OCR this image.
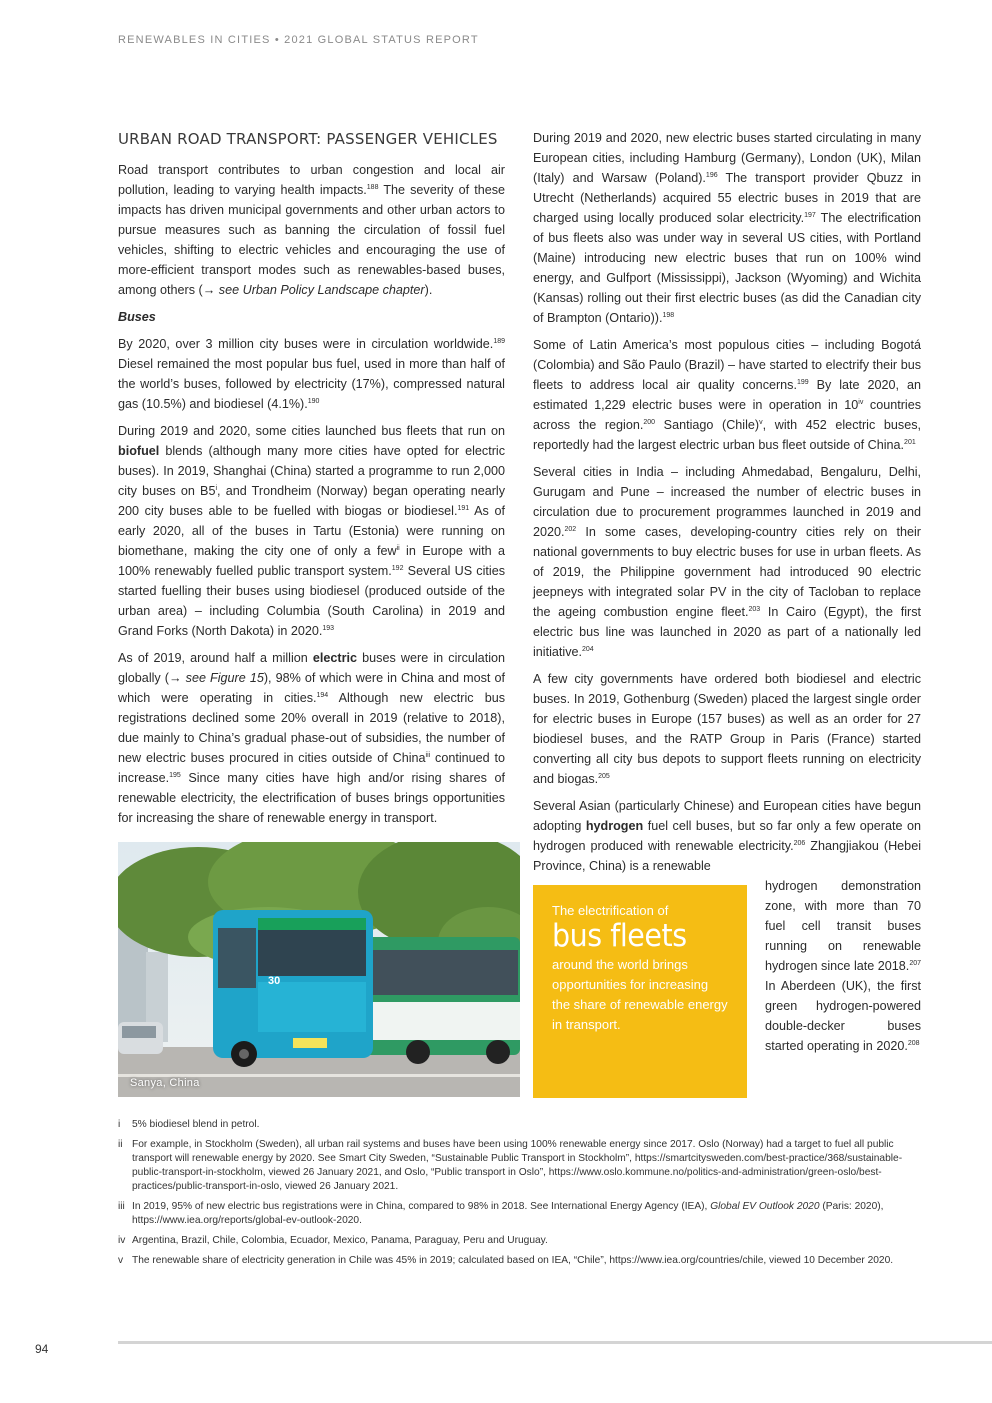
RENEWABLES IN CITIES • 2021 GLOBAL STATUS REPORT
URBAN ROAD TRANSPORT: PASSENGER VEHICLES

Road transport contributes to urban congestion and local air pollution, leading to varying health impacts.$^{188}$ The severity of these impacts has driven municipal governments and other urban actors to pursue measures such as banning the circulation of fossil fuel vehicles, shifting to electric vehicles and encouraging the use of more-efficient transport modes such as renewables-based buses, among others (→ see Urban Policy Landscape chapter).

Buses

By 2020, over 3 million city buses were in circulation worldwide.$^{189}$ Diesel remained the most popular bus fuel, used in more than half of the world’s buses, followed by electricity (17%), compressed natural gas (10.5%) and biodiesel (4.1%).$^{190}$

During 2019 and 2020, some cities launched bus fleets that run on biofuel blends (although many more cities have opted for electric buses). In 2019, Shanghai (China) started a programme to run 2,000 city buses on B5$^i$, and Trondheim (Norway) began operating nearly 200 city buses able to be fuelled with biogas or biodiesel.$^{191}$ As of early 2020, all of the buses in Tartu (Estonia) were running on biomethane, making the city one of only a few$^{ii}$ in Europe with a 100% renewably fuelled public transport system.$^{192}$ Several US cities started fuelling their buses using biodiesel (produced outside of the urban area) – including Columbia (South Carolina) in 2019 and Grand Forks (North Dakota) in 2020.$^{193}$

As of 2019, around half a million electric buses were in circulation globally (→ see Figure 15), 98% of which were in China and most of which were operating in cities.$^{194}$ Although new electric bus registrations declined some 20% overall in 2019 (relative to 2018), due mainly to China’s gradual phase-out of subsidies, the number of new electric buses procured in cities outside of China$^{iii}$ continued to increase.$^{195}$ Since many cities have high and/or rising shares of renewable electricity, the electrification of buses brings opportunities for increasing the share of renewable energy in transport.

30
Sanya, China

During 2019 and 2020, new electric buses started circulating in many European cities, including Hamburg (Germany), London (UK), Milan (Italy) and Warsaw (Poland).$^{196}$ The transport provider Qbuzz in Utrecht (Netherlands) acquired 55 electric buses in 2019 that are charged using locally produced solar electricity.$^{197}$ The electrification of bus fleets also was under way in several US cities, with Portland (Maine) introducing new electric buses that run on 100% wind energy, and Gulfport (Mississippi), Jackson (Wyoming) and Wichita (Kansas) rolling out their first electric buses (as did the Canadian city of Brampton (Ontario)).$^{198}$

Some of Latin America’s most populous cities – including Bogotá (Colombia) and São Paulo (Brazil) – have started to electrify their bus fleets to address local air quality concerns.$^{199}$ By late 2020, an estimated 1,229 electric buses were in operation in 10$^{iv}$ countries across the region.$^{200}$ Santiago (Chile)$^v$, with 452 electric buses, reportedly had the largest electric urban bus fleet outside of China.$^{201}$

Several cities in India – including Ahmedabad, Bengaluru, Delhi, Gurugam and Pune – increased the number of electric buses in circulation due to procurement programmes launched in 2019 and 2020.$^{202}$ In some cases, developing-country cities rely on their national governments to buy electric buses for use in urban fleets. As of 2019, the Philippine government had introduced 90 electric jeepneys with integrated solar PV in the city of Tacloban to replace the ageing combustion engine fleet.$^{203}$ In Cairo (Egypt), the first electric bus line was launched in 2020 as part of a nationally led initiative.$^{204}$

A few city governments have ordered both biodiesel and electric buses. In 2019, Gothenburg (Sweden) placed the largest single order for electric buses in Europe (157 buses) as well as an order for 27 biodiesel buses, and the RATP Group in Paris (France) started converting all city bus depots to support fleets running on electricity and biogas.$^{205}$

Several Asian (particularly Chinese) and European cities have begun adopting hydrogen fuel cell buses, but so far only a few operate on hydrogen produced with renewable electricity.$^{206}$ Zhangjiakou (Hebei Province, China) is a renewable

The electrification of
bus fleets
around the world brings opportunities for increasing the share of renewable energy in transport.
hydrogen demonstration zone, with more than 70 fuel cell transit buses running on renewable hydrogen since late 2018.$^{207}$ In Aberdeen (UK), the first green hydrogen-powered double-decker buses started operating in 2020.$^{208}$
i 5% biodiesel blend in petrol.
ii For example, in Stockholm (Sweden), all urban rail systems and buses have been using 100% renewable energy since 2017. Oslo (Norway) had a target to fuel all public transport will renewable energy by 2020. See Smart City Sweden, “Sustainable Public Transport in Stockholm”, https://smartcitysweden.com/best-practice/368/sustainable-public-transport-in-stockholm, viewed 26 January 2021, and Oslo, “Public transport in Oslo”, https://www.oslo.kommune.no/politics-and-administration/green-oslo/best-practices/public-transport-in-oslo, viewed 26 January 2021.
iii In 2019, 95% of new electric bus registrations were in China, compared to 98% in 2018. See International Energy Agency (IEA), Global EV Outlook 2020 (Paris: 2020), https://www.iea.org/reports/global-ev-outlook-2020.
iv Argentina, Brazil, Chile, Colombia, Ecuador, Mexico, Panama, Paraguay, Peru and Uruguay.
v The renewable share of electricity generation in Chile was 45% in 2019; calculated based on IEA, “Chile”, https://www.iea.org/countries/chile, viewed 10 December 2020.
94
